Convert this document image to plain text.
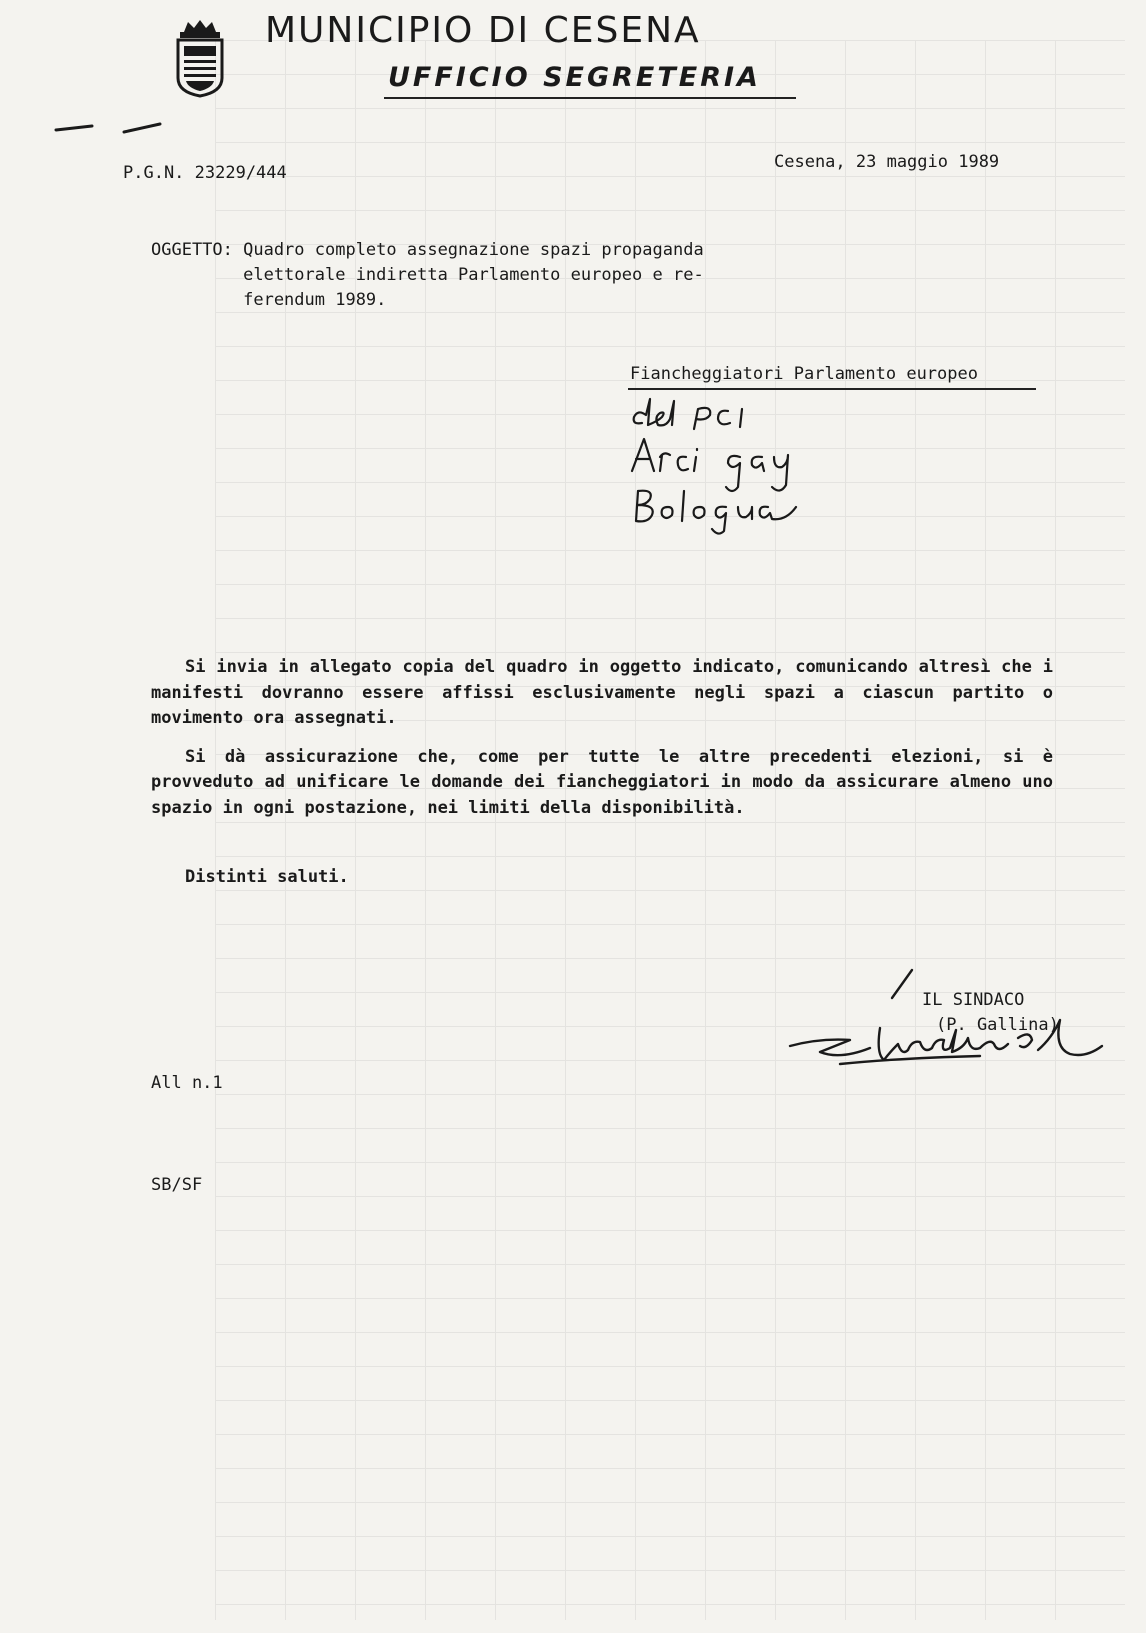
MUNICIPIO DI CESENA
UFFICIO SEGRETERIA
P.G.N. 23229/444
Cesena, 23 maggio 1989
OGGETTO: Quadro completo assegnazione spazi propaganda
elettorale indiretta Parlamento europeo e re-
ferendum 1989.
Fiancheggiatori Parlamento europeo

Si invia in allegato copia del quadro in oggetto indicato, comunicando altresì che i manifesti dovranno essere affissi esclusivamente negli spazi a ciascun partito o movimento ora assegnati.

Si dà assicurazione che, come per tutte le altre precedenti elezioni, si è provveduto ad unificare le domande dei fiancheggiatori in modo da assicurare almeno uno spazio in ogni postazione, nei limiti della disponibilità.

Distinti saluti.
IL SINDACO
(P. Gallina)
All n.1
SB/SF
